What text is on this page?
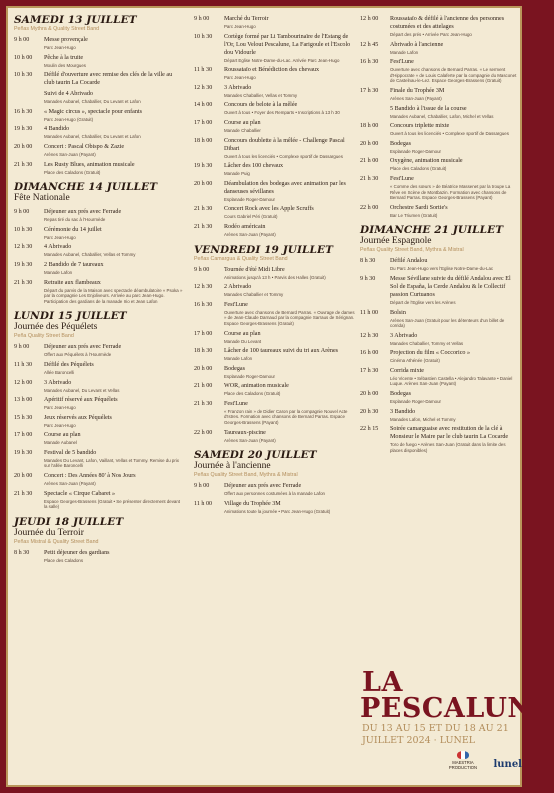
SAMEDI 13 JUILLET
Peñas Mythra & Quality Street Band
9 h 00	Messe provençale
Parc Jean-Hugo
10 h 00	Pêche à la truite
Moulin des Mourgues
10 h 30	Défilé d'ouverture avec remise des clés de la ville au club taurin La Cocarde
Suivi de 4 Abrivado
Manades Aubanel, Chaballier, Du Levant et Lafon
16 h 30	« Magic circus », spectacle pour enfants
Parc Jean-Hugo (Gratuit)
19 h 30	4 Bandido
Manades Aubanel, Chaballier, Du Levant et Lafon
20 h 00	Concert : Pascal Obispo & Zazie
Arènes San-Juan (Payant)
21 h 30	Les Rusty Blues, animation musicale
Place des Caladons (Gratuit)
DIMANCHE 14 JUILLET
Fête Nationale
9 h 00	Déjeuner aux prés avec Ferrade
Repas tiré du sac à l'Hourmède
10 h 30	Cérémonie du 14 juillet
Parc Jean-Hugo
12 h 30	4 Abrivado
Manades Aubanel, Chaballier, Vellas et Tommy
19 h 30	2 Bandido de 7 taureaux
Manade Lafon
21 h 30	Retraite aux flambeaux
Départ du parvis de la Maison avec spectacle déambulatoire « Psoka » par la compagnie Les Enjoliveurs. Arrivée au parc Jean-Hugo. Participation des gardians de la manade Irio et Jean Lafon
LUNDI 15 JUILLET
Journée des Péquélets
Peña Quality Street Band
9 h 00	Déjeuner aux prés avec Ferrade
Offert aux Péquélets à l'Hourmède
11 h 30	Défilé des Péquélets
Allée Baroncelli
12 h 00	3 Abrivado
Manades Aubanel, Du Levant et Vellas
13 h 00	Apéritif réservé aux Péquélets
Parc Jean-Hugo
15 h 30	Jeux réservés aux Péquélets
Parc Jean-Hugo
17 h 00	Course au plan
Manade Aubanel
19 h 30	Festival de 5 bandido
Manades Du Levant, Lafon, Vaillant, Vellas et Tommy. Remise du prix sur l'allée Baroncelli
20 h 00	Concert : Des Années 80' à Nos Jours
Arènes San-Juan (Payant)
21 h 30	Spectacle « Cirque Cabaret »
Espace Georges-Brassens (Gratuit • Se présenter directement devant la salle)
JEUDI 18 JUILLET
Journée du Terroir
Peñas Mistral & Quality Street Band
8 h 30	Petit déjeuner des gardians
Place des Caladons
9 h 00	Marché du Terroir
Parc Jean-Hugo
10 h 30	Cortège formé par Li Tambourinaïre de l'Estang de l'Or, Lou Velout Pescalune, La Farigoule et l'Escolo dou Vidourle
Départ Eglise Notre-Dame-du-Lac. Arrivée Parc Jean-Hugo
11 h 30	Roussataïo et Bénédiction des chevaux
Parc Jean-Hugo
12 h 30	3 Abrivado
Manades Chaballier, Vellas et Tommy
14 h 00	Concours de belote à la mêlée
Ouvert à tous • Foyer des Remparts • Inscriptions à 13 h 30
17 h 00	Course au plan
Manade Chaballier
18 h 00	Concours doublette à la mêlée - Challenge Pascal Dibari
Ouvert à tous les licenciés • Complexe sportif de Dassargues
19 h 30	Lâcher des 100 chevaux
Manade Puig
20 h 00	Déambulation des bodegas avec animation par les danseuses sévillanes
Esplanade Roger-Damour
21 h 30	Concert Rock avec les Apple Scruffs
Cours Gabriel Péri (Gratuit)
21 h 30	Rodéo américain
Arènes San-Juan (Payant)
VENDREDI 19 JUILLET
Peñas Camargua & Quality Street Band
9 h 00	Tournée d'été Midi Libre
Animations jusqu'à 13 h • Parvis des Halles (Gratuit)
12 h 30	2 Abrivado
Manades Chaballier et Tommy
16 h 30	Fest'Lune
Ouverture avec chansons de Bernard Parras. « Ouvrage de dames » de Jean-Claude Darnaud par la compagnie Sarraus de Sérignan. Espace Georges-Brassens (Gratuit)
17 h 00	Course au plan
Manade Du Levant
18 h 30	Lâcher de 100 taureaux suivi du tri aux Arènes
Manade Lafon
20 h 00	Bodegas
Esplanade Roger-Damour
21 h 00	WOR, animation musicale
Place des Caladons (Gratuit)
21 h 30	Fest'Lune
« Franzon rain » de Didier Caron par la compagnie Nouvel Acte d'Istres. Formation avec chansons de Bernard Parras. Espace Georges-Brassens (Payant)
22 h 00	Taureaux-piscine
Arènes San-Juan (Payant)
SAMEDI 20 JUILLET
Journée à l'ancienne
Peñas Quality Street Band, Mythra & Mistral
9 h 00	Déjeuner aux prés avec Ferrade
Offert aux personnes costumées à la manade Lafon
11 h 00	Village du Trophée 3M
Animations toute la journée • Parc Jean-Hugo (Gratuit)
12 h 00	Roussataïo & défilé à l'ancienne des personnes costumées et des attelages
Départ des prés • Arrivée Parc Jean-Hugo
12 h 45	Abrivado à l'ancienne
Manade Lafon
16 h 30	Fest'Lune
Ouverture avec chansons de Bernard Parras. « Le serment d'Hippocrate » de Louis Calaferte par la compagnie du Masconet de Castelnau-le-Lez. Espace Georges-Brassens (Gratuit)
17 h 30	Finale du Trophée 3M
Arènes San-Juan (Payant)
5 Bandido à l'issue de la course
Manades Aubanel, Chaballier, Lafon, Michel et Vellas
18 h 00	Concours triplette mixte
Ouvert à tous les licenciés • Complexe sportif de Dassargues
20 h 00	Bodegas
Esplanade Roger-Damour
21 h 00	Oxygène, animation musicale
Place des Caladons (Gratuit)
21 h 30	Fest'Lune
« Comme des sœurs » de Béatrice Massenet par la troupe La Rêve en Scène de Montbazin. Formation avec chansons de Bernard Parras. Espace Georges-Brassens (Payant)
22 h 00	Orchestre Sardi Sortie's
Bar Le Triumen (Gratuit)
DIMANCHE 21 JUILLET
Journée Espagnole
Peñas Quality Street Band, Mythra & Mistral
8 h 30	Défilé Andalou
Du Parc Jean-Hugo vers l'Eglise Notre-Dame-du-Lac
9 h 30	Messe Sévillane suivie du défilé Andalou avec El Sol de España, la Cerde Andalou & le Collectif passion Curtuanos
Départ de l'Eglise vers les Arènes
11 h 00	Bolsin
Arènes San-Juan (Gratuit pour les détenteurs d'un billet de corrida)
12 h 30	3 Abrivado
Manades Chaballier, Tommy et Vellas
16 h 00	Projection du film « Coccorico »
Cinéma Athénée (Gratuit)
17 h 30	Corrida mixte
Léo Vicente • Sébastien Castella • Alejandro Talavante • Daniel Luque. Arènes San-Juan (Payant)
20 h 00	Bodegas
Esplanade Roger-Damour
20 h 30	3 Bandido
Manades Lafon, Michel et Tommy
22 h 15	Soirée camarguaise avec restitution de la clé à Monsieur le Maire par le club taurin La Cocarde
Toro de fuego • Arènes San-Juan (Gratuit dans la limite des places disponibles)
LA
PESCALUNE
DU 13 AU 15 ET DU 18 AU 21
JUILLET 2024 · LUNEL
MAESTRIA PRODUCTION lunel
